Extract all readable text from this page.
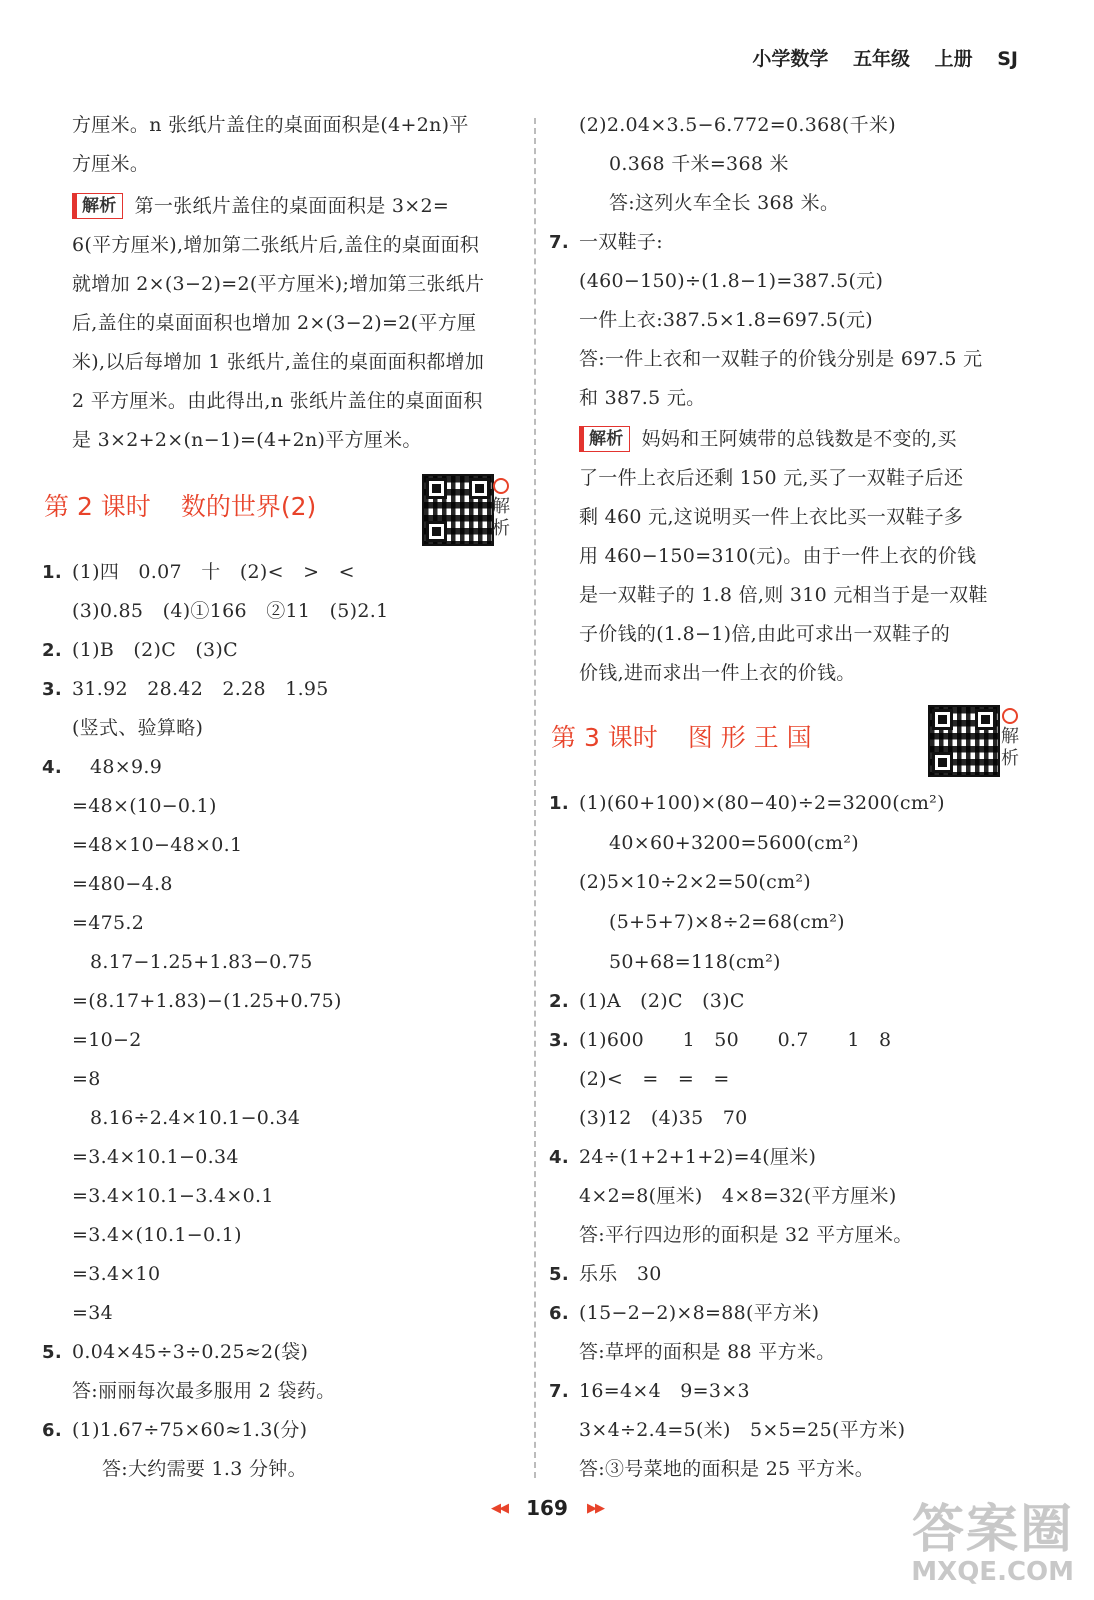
小学数学 五年级 上册 SJ
方厘米。n 张纸片盖住的桌面面积是(4+2n)平
方厘米。
解析 第一张纸片盖住的桌面面积是 3×2=
6(平方厘米),增加第二张纸片后,盖住的桌面面积
就增加 2×(3−2)=2(平方厘米);增加第三张纸片
后,盖住的桌面面积也增加 2×(3−2)=2(平方厘
米),以后每增加 1 张纸片,盖住的桌面面积都增加
2 平方厘米。由此得出,n 张纸片盖住的桌面面积
是 3×2+2×(n−1)=(4+2n)平方厘米。
第 2 课时 数的世界(2)	解
析
1. (1)四　0.07　十　(2)<　>　<
(3)0.85　(4)①166　②11　(5)2.1
2. (1)B　(2)C　(3)C
3. 31.92　28.42　2.28　1.95
(竖式、验算略)
4.	48×9.9
=48×(10−0.1)
=48×10−48×0.1
=480−4.8
=475.2
8.17−1.25+1.83−0.75
=(8.17+1.83)−(1.25+0.75)
=10−2
=8
8.16÷2.4×10.1−0.34
=3.4×10.1−0.34
=3.4×10.1−3.4×0.1
=3.4×(10.1−0.1)
=3.4×10
=34
5. 0.04×45÷3÷0.25≈2(袋)
答:丽丽每次最多服用 2 袋药。
6. (1)1.67÷75×60≈1.3(分)
答:大约需要 1.3 分钟。
(2)2.04×3.5−6.772=0.368(千米)
0.368 千米=368 米
答:这列火车全长 368 米。
7. 一双鞋子:
(460−150)÷(1.8−1)=387.5(元)
一件上衣:387.5×1.8=697.5(元)
答:一件上衣和一双鞋子的价钱分别是 697.5 元
和 387.5 元。
解析 妈妈和王阿姨带的总钱数是不变的,买
了一件上衣后还剩 150 元,买了一双鞋子后还
剩 460 元,这说明买一件上衣比买一双鞋子多
用 460−150=310(元)。由于一件上衣的价钱
是一双鞋子的 1.8 倍,则 310 元相当于是一双鞋
子价钱的(1.8−1)倍,由此可求出一双鞋子的
价钱,进而求出一件上衣的价钱。
第 3 课时 图 形 王 国	解
析
1. (1)(60+100)×(80−40)÷2=3200(cm²)
40×60+3200=5600(cm²)
(2)5×10÷2×2=50(cm²)
(5+5+7)×8÷2=68(cm²)
50+68=118(cm²)
2. (1)A　(2)C　(3)C
3. (1)600　　1　50　　0.7　　1　8
(2)<　=　=　=
(3)12　(4)35　70
4. 24÷(1+2+1+2)=4(厘米)
4×2=8(厘米)　4×8=32(平方厘米)
答:平行四边形的面积是 32 平方厘米。
5. 乐乐　30
6. (15−2−2)×8=88(平方米)
答:草坪的面积是 88 平方米。
7. 16=4×4　9=3×3
3×4÷2.4=5(米)　5×5=25(平方米)
答:③号菜地的面积是 25 平方米。
◀◀ 169 ▶▶	答案圈
MXQE.COM
